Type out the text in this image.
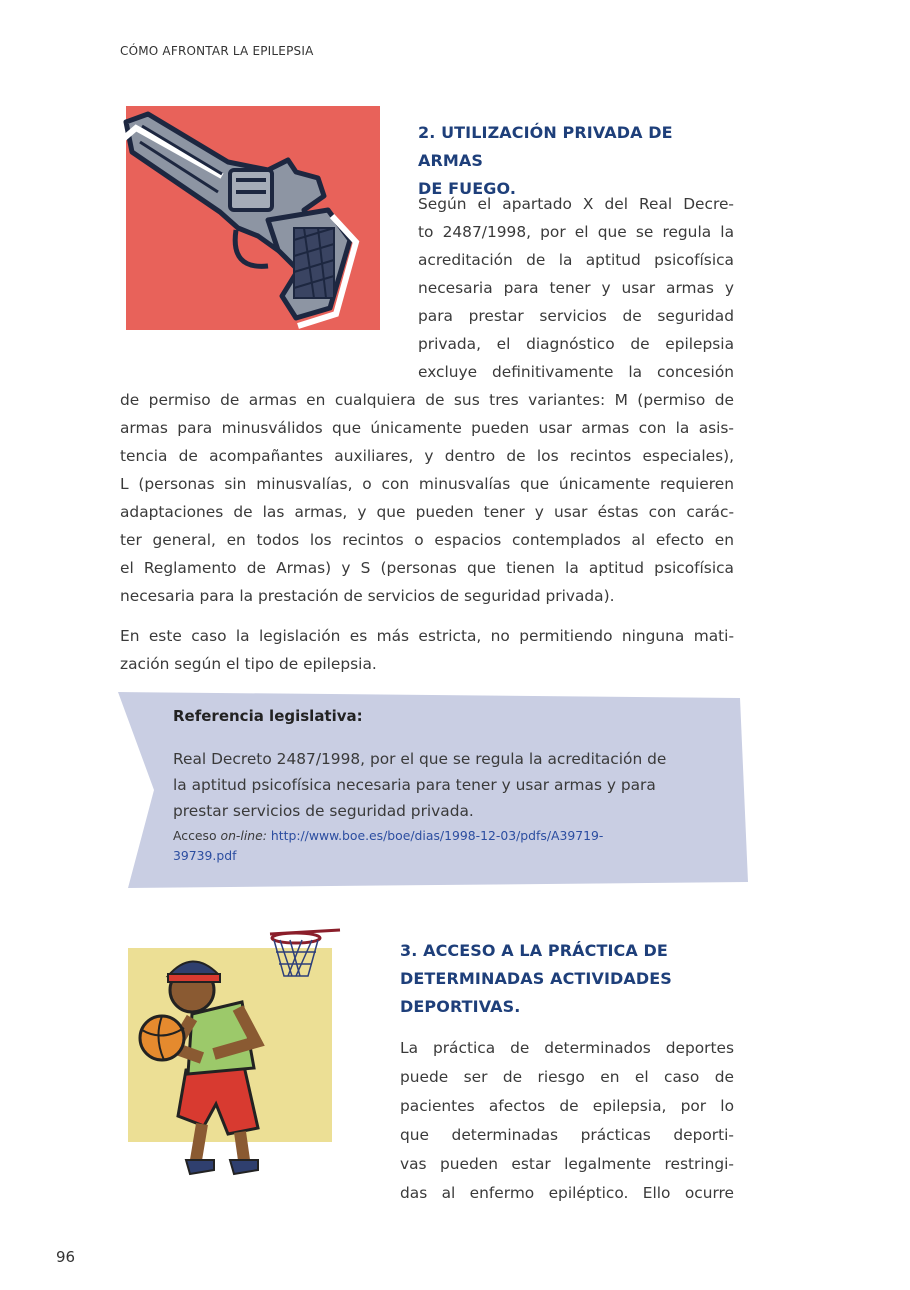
CÓMO AFRONTAR LA EPILEPSIA
2. UTILIZACIÓN PRIVADA DE ARMAS
DE FUEGO.
Según el apartado X del Real Decre-
to 2487/1998, por el que se regula la
acreditación de la aptitud psicofísica
necesaria para tener y usar armas y
para prestar servicios de seguridad
privada, el diagnóstico de epilepsia
excluye definitivamente la concesión
de permiso de armas en cualquiera de sus tres variantes: M (permiso de
armas para minusválidos que únicamente pueden usar armas con la asis-
tencia de acompañantes auxiliares, y dentro de los recintos especiales),
L (personas sin minusvalías, o con minusvalías que únicamente requieren
adaptaciones de las armas, y que pueden tener y usar éstas con carác-
ter general, en todos los recintos o espacios contemplados al efecto en
el Reglamento de Armas) y S (personas que tienen la aptitud psicofísica
necesaria para la prestación de servicios de seguridad privada).
En este caso la legislación es más estricta, no permitiendo ninguna mati-
zación según el tipo de epilepsia.
Referencia legislativa:
Real Decreto 2487/1998, por el que se regula la acreditación de
la aptitud psicofísica necesaria para tener y usar armas y para
prestar servicios de seguridad privada.
Acceso on-line: http://www.boe.es/boe/dias/1998-12-03/pdfs/A39719-
39739.pdf
3. ACCESO A LA PRÁCTICA DE
DETERMINADAS ACTIVIDADES
DEPORTIVAS.
La práctica de determinados deportes
puede ser de riesgo en el caso de
pacientes afectos de epilepsia, por lo
que determinadas prácticas deporti-
vas pueden estar legalmente restringi-
das al enfermo epiléptico. Ello ocurre
96
